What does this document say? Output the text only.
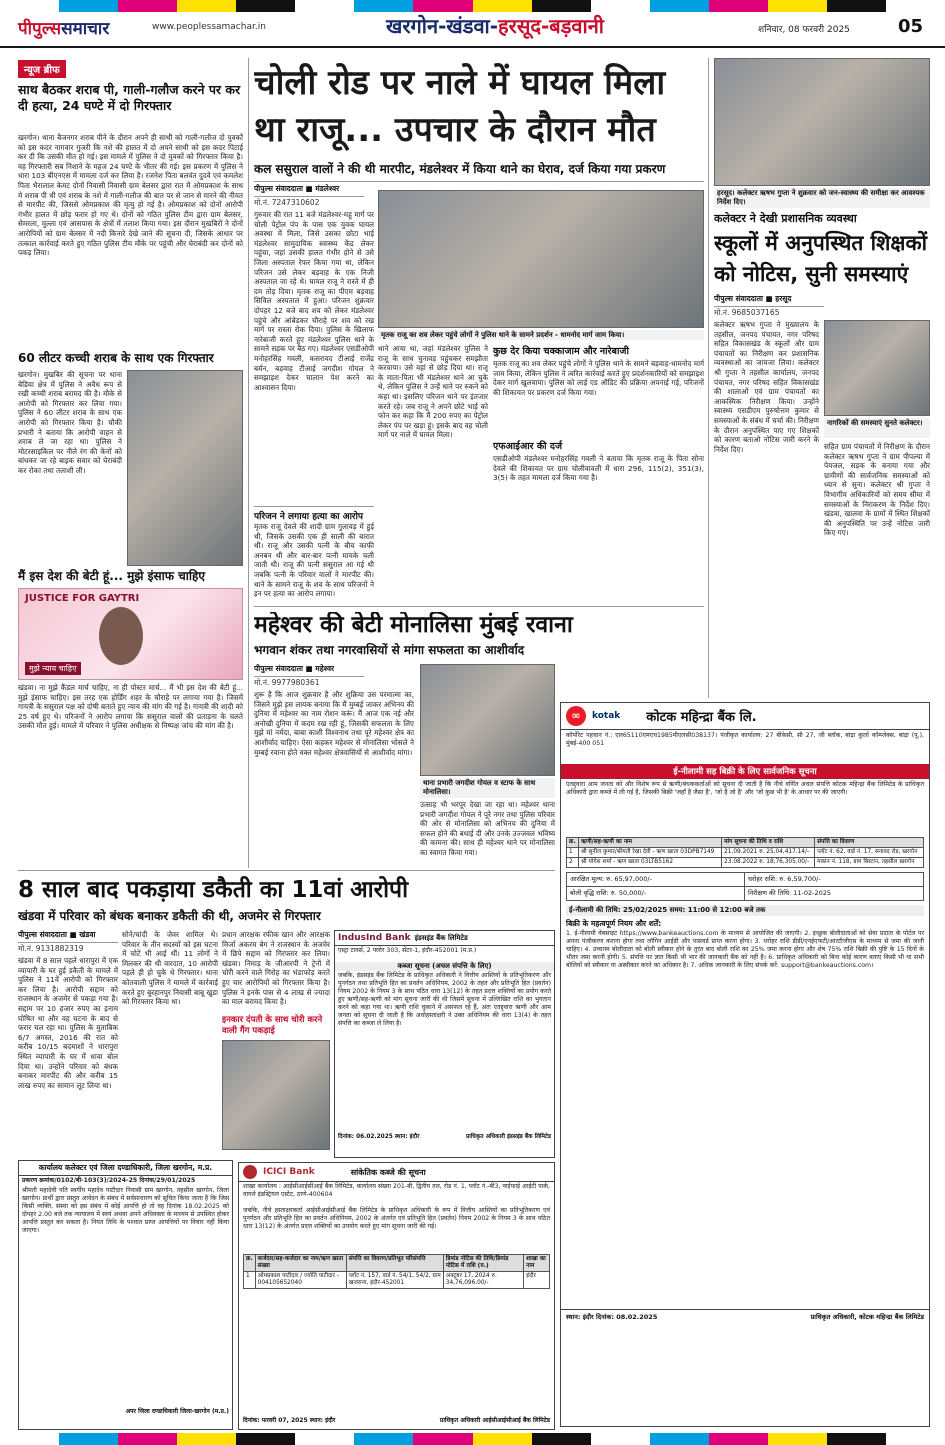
पीपुल्ससमाचार	www.peoplessamachar.in	खरगोन-खंडवा-हरसूद-बड़वानी	शनिवार, 08 फरवरी 2025	05
न्यूज ब्रीफ
साथ बैठकर शराब पी, गाली-गलौज करने पर कर दी हत्या, 24 घण्टे में दो गिरफ्तार
खरगोन। थाना बैजनगर शराब पीने के दौरान अपने ही साथी को गाली-गलौज दो युवकों को इस कदर नागवार गुजरी कि नशे की हालत में दो अपने साथी को इस कदर पिटाई कर दी कि उसकी मौत हो गई। इस मामले में पुलिस ने दो युवकों को गिरफ्तार किया है। वह गिरफ्तारी सब निशाने के महज 24 घण्टे के भीतर की गई। इस प्रकरण में पुलिस ने धारा 103 बीएनएस में मामला दर्ज कर लिया है। रजनेश पिता बलवंत दुदवे एवं कमलेश पिता भैरालाल केमट दोनों निवासी निवासी ग्राम बेलसर द्वारा रात में ओमप्रकाश के साथ मे शराब पी थी एवं शराब के नशे में गाली-गलौज की बात पर से जान से मारने की नीयत से मारपीट की, जिससे ओमप्रकाश की मृत्यु हो गई है। ओमप्रकाश को दोनों आरोपी गंभीर हालत में छोड़ फरार हो गए थे। दोनों को गठित पुलिस टीम द्वारा ग्राम बेलसर, सेमरला, मुल्ला एवं आसपास के क्षेत्रों में तलाश किया गया। इस दौरान मुखबिरों ने दोनों आरोपियों को ग्राम बेलसर में नदी किनारे देखे जाने की सूचना दी, जिसके आधार पर तत्काल कार्रवाई करते हुए गठित पुलिस टीम मौके पर पहुंची और घेराबंदी कर दोनों को पकड़ लिया।
60 लीटर कच्ची शराब के साथ एक गिरफ्तार
खरगोन। मुखबिर की सूचना पर थाना बेडिया क्षेत्र में पुलिस ने अवैध रूप से रखी कच्ची शराब बरामद की है। मौके से आरोपी को गिरफ्तार कर लिया गया। पुलिस ने 60 लीटर शराब के साथ एक आरोपी को गिरफ्तार किया है। चौकी प्रभारी ने बताया कि आरोपी वाहन से शराब ले जा रहा था। पुलिस ने मोटरसाइकिल पर नीले रंग की केनों को बांधकर जा रहे बाइक सवार को घेराबंदी कर रोका तथा तलाशी ली।
मैं इस देश की बेटी हूं... मुझे इंसाफ चाहिए
JUSTICE FOR GAYTRI
मुझे न्याय चाहिए
खंडवा। ना मुझे कैंडल मार्च चाहिए, ना ही पोस्टर मार्च... मैं भी इस देश की बेटी हूं... मुझे इंसाफ चाहिए। इस तरह एक होर्डिंग शहर के चौराहे पर लगाया गया है। जिसमें गायत्री के ससुराल पक्ष को दोषी बताते हुए न्याय की मांग की गई है। गायत्री की शादी को 25 वर्ष हुए थे। परिजनों ने आरोप लगाया कि ससुराल वालों की प्रताड़ना के चलते उसकी मौत हुई। मामले में परिवार ने पुलिस अधीक्षक से निष्पक्ष जांच की मांग की है।
चोली रोड पर नाले में घायल मिला था राजू... उपचार के दौरान मौत
कल ससुराल वालों ने की थी मारपीट, मंडलेश्वर में किया थाने का घेराव, दर्ज किया गया प्रकरण
पीपुल्स संवाददाता ■ मंडलेश्वर
मो.नं. 7247310602
गुरुवार की रात 11 बजे मंडलेश्वर-महू मार्ग पर चोली पेट्रोल पंप के पास एक युवक घायल अवस्था में मिला, जिसे उसका छोटा भाई मंडलेश्वर सामुदायिक स्वास्थ्य केंद्र लेकर पहुंचा, जहां उसकी हालत गंभीर होने से उसे जिला अस्पताल रेफर किया गया था, लेकिन परिजन उसे लेकर बड़वाह के एक निजी अस्पताल जा रहे थे। घायल राजू ने रास्ते में ही दम तोड़ दिया। मृतक राजू का पीएम बड़वाह सिविल अस्पताल में हुआ। परिजन शुक्रवार दोपहर 12 बजे बाद शव को लेकर मंडलेश्वर पहुंचे और आंबेडकर चौराहे पर शव को रख मार्ग पर रास्ता रोक दिया। पुलिस के खिलाफ नारेबाजी करते हुए मंडलेश्वर पुलिस थाने के सामने सड़क पर बैठ गए। मंडलेश्वर एसडीओपी मनोहरसिंह गवली, कसरावद टीआई राजेंद्र बर्मन, बड़वाह टीआई जगदीश गोयल ने समझाइश देकर चालान पेश करने का आश्वासन दिया।
मृतक राजू का शव लेकर पहुंचे लोगों ने पुलिस थाने के सामने प्रदर्शन - धामनोद मार्ग जाम किया।
थाने आया था, जहां मंडलेश्वर पुलिस ने राजू के साथ चुनावड़ पहुंचकर समझौता करवाया। उसे वहां से छोड़ दिया था। राजू के माता-पिता भी मंडलेश्वर थाने आ चुके थे, लेकिन पुलिस ने उन्हें थाने पर रुकने को कहा था। इसलिए परिजन थाने पर इंतजार करते रहे। जब राजू ने अपने छोटे भाई को फोन कर कहा कि मैं 200 रुपए का पेट्रोल लेकर पंप पर खड़ा हूं। इसके बाद वह चोली मार्ग पर नाले में घायल मिला।
कुछ देर किया चक्काजाम और नारेबाजी
मृतक राजू का शव लेकर पहुंचे लोगों ने पुलिस थाने के सामने बड़वाह-धामनोद मार्ग जाम किया, लेकिन पुलिस ने त्वरित कार्रवाई करते हुए प्रदर्शनकारियों को समझाइश देकर मार्ग खुलवाया। पुलिस को लाई एड ऑडिट की प्रक्रिया अपनाई गई, परिजनों की शिकायत पर प्रकरण दर्ज किया गया।
एफआईआर की दर्ज
एसडीओपी मंडलेश्वर मनोहरसिंह गवली ने बताया कि मृतक राजू के पिता सोना देवले की शिकायत पर ग्राम चोलीवावली में धारा 296, 115(2), 351(3), 3(5) के तहत मामला दर्ज किया गया है।
परिजन ने लगाया हत्या का आरोप
मृतक राजू देवले की शादी ग्राम गुलावड़ में हुई थी, जिसके उसकी एक ही साली की बारात थी। राजू और उसकी पत्नी के बीच काफी अनबन थी और बार-बार पत्नी मायके चली जाती थी। राजू की पत्नी ससुराल आ गई थी जबकि पत्नी के परिवार वालों ने मारपीट की। थाने के सामने राजू के शव के साथ परिजनों ने इन पर हत्या का आरोप लगाया।
हरसूद। कलेक्टर ऋषभ गुप्ता ने शुक्रवार को जन-स्वास्थ्य की समीक्षा कर आवश्यक निर्देश दिए।
कलेक्टर ने देखी प्रशासनिक व्यवस्था
स्कूलों में अनुपस्थित शिक्षकों को नोटिस, सुनी समस्याएं
पीपुल्स संवाददाता ■ हरसूद
मो.नं. 9685037165
कलेक्टर ऋषभ गुप्ता ने मुख्यालय के तहसील, जनपद पंचायत, नगर परिषद सहित विकासखंड के स्कूलों और ग्राम पंचायतों का निरीक्षण कर प्रशासनिक व्यवस्थाओं का जायजा लिया। कलेक्टर श्री गुप्ता ने तहसील कार्यालय, जनपद पंचायत, नगर परिषद सहित विकासखंड की शालाओं एवं ग्राम पंचायतों का आकस्मिक निरीक्षण किया। उन्होंने स्वास्थ्य एसडीएम पुरुषोत्तम कुमार से समस्याओं के संबंध में चर्चा की। निरीक्षण के दौरान अनुपस्थित पाए गए शिक्षकों को कारण बताओ नोटिस जारी करने के निर्देश दिए।
नागरिकों की समस्याएं सुनते कलेक्टर।
सहित ग्राम पंचायतों में निरीक्षण के दौरान कलेक्टर ऋषभ गुप्ता ने ग्राम पीपल्या में पेयजल, सड़क के बनाया गया और ग्रामीणों की सार्वजनिक समस्याओं को ध्यान से सुना। कलेक्टर श्री गुप्ता ने विभागीय अधिकारियों को समय सीमा में समस्याओं के निराकरण के निर्देश दिए। खंडवा, खालवा के ग्रामों में स्थित शिक्षकों की अनुपस्थिति पर उन्हें नोटिस जारी किए गए।
महेश्वर की बेटी मोनालिसा मुंबई रवाना
भगवान शंकर तथा नगरवासियों से मांगा सफलता का आशीर्वाद
पीपुल्स संवाददाता ■ महेश्वर
मो.नं. 9977980361
शुरू है कि आज शुक्रवार है और शुक्रिया उस परमात्मा का, जिसने मुझे इस लायक बनाया कि मैं मुम्बई जाकर अभिनय की दुनिया में महेश्वर का नाम रोशन करूं। मैं आज एक नई और अनोखी दुनिया में कदम रख रही हूं, जिसकी सफलता के लिए मुझे मां नर्मदा, बाबा काशी विश्वनाथ तथा पूरे महेश्वर क्षेत्र का आशीर्वाद चाहिए। ऐसा कहकर महेश्वर से मोनालिसा भोसले ने मुम्बई रवाना होते वक्त महेश्वर क्षेत्रवासियों से आशीर्वाद मांगा।
थाना प्रभारी जगदीश गोयल व स्टाफ के साथ मोनालिसा।
उत्साह भी भरपूर देखा जा रहा था। महेश्वर थाना प्रभारी जगदीश गोयल ने पूरे नगर तथा पुलिस परिवार की ओर से मोनालिसा को अभिनय की दुनिया में सफल होने की बधाई दी और उनके उज्जवल भविष्य की कामना की। साथ ही महेश्वर थाने पर मोनालिसा का स्वागत किया गया।
∞	kotak कोटक महिन्द्रा बैंक लि.
कॉर्पोरेट पहचान नं.: एल65110एमएच1985पीएलसी038137। पंजीकृत कार्यालय: 27 बीकेसी, सी 27, जी ब्लॉक, बांद्रा कुर्ला कॉम्प्लेक्स, बांद्रा (पू.), मुंबई-400 051
ई-नीलामी सह बिक्री के लिए सार्वजनिक सूचना
एतद्द्वारा आम जनता को और विशेष रूप से ऋणी/बंधककर्ताओं को सूचना दी जाती है कि नीचे वर्णित अचल संपत्ति कोटक महिन्द्रा बैंक लिमिटेड के प्राधिकृत अधिकारी द्वारा कब्जे में ली गई है, जिसकी बिक्री 'जहाँ है जैसा है', 'जो है जो है' और 'जो कुछ भी है' के आधार पर की जाएगी।
क्र.	ऋणी/सह-ऋणी का नाम	मांग सूचना की तिथि व राशि	संपत्ति का विवरण
1	श्री सुनील कुमार/श्रीमती रेखा देवी - ऋण खाता 03DPB7149	21.09.2021 रु. 25,04,417.14/-	प्लॉट नं. 62, वार्ड नं. 17, सनावद रोड, खरगोन
2	श्री योगेश शर्मा - ऋण खाता 03LTB5162	23.08.2022 रु. 18,76,305.00/-	मकान नं. 118, ग्राम बिस्टान, तहसील खरगोन
आरक्षित मूल्य: रु. 65,97,000/-	धरोहर राशि: रु. 6,59,700/-
बोली वृद्धि राशि: रु. 50,000/-	निरीक्षण की तिथि: 11-02-2025
ई-नीलामी की तिथि: 25/02/2025 समय: 11:00 से 12:00 बजे तक
बिक्री के महत्वपूर्ण नियम और शर्तें:
1. ई-नीलामी वेबसाइट https://www.bankeauctions.com के माध्यम से आयोजित की जाएगी। 2. इच्छुक बोलीदाताओं को सेवा प्रदाता के पोर्टल पर अपना पंजीकरण कराना होगा तथा लॉगिन आईडी और पासवर्ड प्राप्त करना होगा। 3. धरोहर राशि डीडी/एनईएफटी/आरटीजीएस के माध्यम से जमा की जानी चाहिए। 4. उच्चतम बोलीदाता को बोली स्वीकार होने के तुरंत बाद बोली राशि का 25% जमा करना होगा और शेष 75% राशि बिक्री की पुष्टि के 15 दिनों के भीतर जमा करनी होगी। 5. संपत्ति पर ज्ञात किसी भी भार की जानकारी बैंक को नहीं है। 6. प्राधिकृत अधिकारी को बिना कोई कारण बताए किसी भी या सभी बोलियों को स्वीकार या अस्वीकार करने का अधिकार है। 7. अधिक जानकारी के लिए संपर्क करें: support@bankeauctions.com।
स्थान: इंदौर दिनांक: 08.02.2025	प्राधिकृत अधिकारी, कोटक महिन्द्रा बैंक लिमिटेड
8 साल बाद पकड़ाया डकैती का 11वां आरोपी
खंडवा में परिवार को बंधक बनाकर डकैती की थी, अजमेर से गिरफ्तार
पीपुल्स संवाददाता ■ खंडवा
मो.नं. 9131882319
खंडवा में 8 साल पहले धारापुरा में एक व्यापारी के घर हुई डकैती के मामले में पुलिस ने 11वें आरोपी को गिरफ्तार कर लिया है। आरोपी सद्दाम को राजस्थान के अजमेर से पकड़ा गया है। सद्दाम पर 10 हजार रुपए का इनाम घोषित था और वह घटना के बाद से फरार चल रहा था। पुलिस के मुताबिक 6/7 अगस्त, 2016 की रात को करीब 10/15 बदमाशों ने धारापुरा स्थित व्यापारी के घर में धावा बोल दिया था। उन्होंने परिवार को बंधक बनाकर मारपीट की और करीब 15 लाख रुपए का सामान लूट लिया था।
सोने/चांदी के जेवर शामिल थे। परिवार के तीन सदस्यों को इस घटना में चोटें भी आई थीं। 11 लोगों ने मिलकर की थी वारदात, 10 आरोपी पहले ही हो चुके थे गिरफ्तार। थाना कोतवाली पुलिस ने मामले में कार्रवाई करते हुए बुरहानपुर निवासी बाबू खुडा को गिरफ्तार किया था।
प्रधान आरक्षक रफीक खान और आरक्षक मिर्जा अकरम बेग ने राजस्थान के अजमेर में छिपे सद्दाम को गिरफ्तार कर लिया। खंडवा। निमाड़ के जीआरपी ने ट्रेनों में चोरी करने वाले गिरोह का भंडाफोड़ करते हुए चार आरोपियों को गिरफ्तार किया है। पुलिस ने इनके पास से 4 लाख से ज्यादा का माल बरामद किया है।
इनकार दंपती के साथ चोरी करने वाली गैंग पकड़ाई
IndusInd Bank इंडसइंड बैंक लिमिटेड
एस्ट्रा टावर्स, 2 फ्लोर 303, सेंटर-1, इंदौर-452001 (म.प्र.)
कब्जा सूचना (अचल संपत्ति के लिए)
जबकि, इंडसइंड बैंक लिमिटेड के प्राधिकृत अधिकारी ने वित्तीय आस्तियों के प्रतिभूतिकरण और पुनर्गठन तथा प्रतिभूति हित का प्रवर्तन अधिनियम, 2002 के तहत और प्रतिभूति हित (प्रवर्तन) नियम 2002 के नियम 3 के साथ पठित धारा 13(12) के तहत प्रदत्त शक्तियों का प्रयोग करते हुए ऋणी/सह-ऋणी को मांग सूचना जारी की थी जिसमें सूचना में उल्लिखित राशि का भुगतान करने को कहा गया था। ऋणी राशि चुकाने में असफल रहे हैं, अतः एतद्द्वारा ऋणी और आम जनता को सूचना दी जाती है कि अधोहस्ताक्षरी ने उक्त अधिनियम की धारा 13(4) के तहत संपत्ति का कब्जा ले लिया है।
दिनांक: 06.02.2025 स्थान: इंदौर	प्राधिकृत अधिकारी इंडसइंड बैंक लिमिटेड
कार्यालय कलेक्टर एवं जिला दण्डाधिकारी, जिला खरगोन, म.प्र.
प्रकरण क्रमांक/0102/बी-103(3)/2024-25 दिनांक/29/01/2025
श्रीमती महादेवी पति स्वर्गीय महादेव पाटीदार निवासी ग्राम खरगोन, तहसील खरगोन, जिला खरगोन। प्रार्थी द्वारा प्रस्तुत आवेदन के संबंध में सर्वसाधारण को सूचित किया जाता है कि जिस किसी व्यक्ति, संस्था को इस संबंध में कोई आपत्ति हो तो वह दिनांक 18.02.2025 को दोपहर 2.00 बजे तक न्यायालय में स्वयं अथवा अपने अधिवक्ता के माध्यम से उपस्थित होकर आपत्ति प्रस्तुत कर सकता है। नियत तिथि के पश्चात प्राप्त आपत्तियों पर विचार नहीं किया जाएगा।
अपर जिला दण्डाधिकारी जिला-खरगोन (म.प्र.)
ICICI Bank	सांकेतिक कब्जे की सूचना
शाखा कार्यालय : आईसीआईसीआई बैंक लिमिटेड, कार्यालय संख्या 201-बी, द्वितीय तल, रोड नं. 1, प्लॉट नं.-बी3, वाईफाई आईटी पार्क, वागले इंडस्ट्रियल एस्टेट, ठाणे-400604
जबकि, नीचे हस्ताक्षरकर्ता आईसीआईसीआई बैंक लिमिटेड के प्राधिकृत अधिकारी के रूप में वित्तीय आस्तियों का प्रतिभूतिकरण एवं पुनर्गठन और प्रतिभूति हित का प्रवर्तन अधिनियम, 2002 के अंतर्गत एवं प्रतिभूति हित (प्रवर्तन) नियम 2002 के नियम 3 के साथ पठित धारा 13(12) के अंतर्गत प्रदत्त शक्तियों का उपयोग करते हुए मांग सूचना जारी की गई।
क्र.	कर्जदार/सह-कर्जदार का नाम/ऋण खाता संख्या	संपत्ति का विवरण/प्रतिभूत परिसंपत्ति	डिमांड नोटिस की तिथि/डिमांड नोटिस में राशि (रु.)	शाखा का नाम
1	ओमप्रकाश पाटीदार / ज्योति पाटीदार - 004105652040	प्लॉट नं. 157, वार्ड नं. 54/1, 54/2, ग्राम खजराना, इंदौर-452001	अक्टूबर 17, 2024 रु. 34,76,096.00/-	इंदौर
दिनांक: फरवरी 07, 2025 स्थान: इंदौर	प्राधिकृत अधिकारी आईसीआईसीआई बैंक लिमिटेड
